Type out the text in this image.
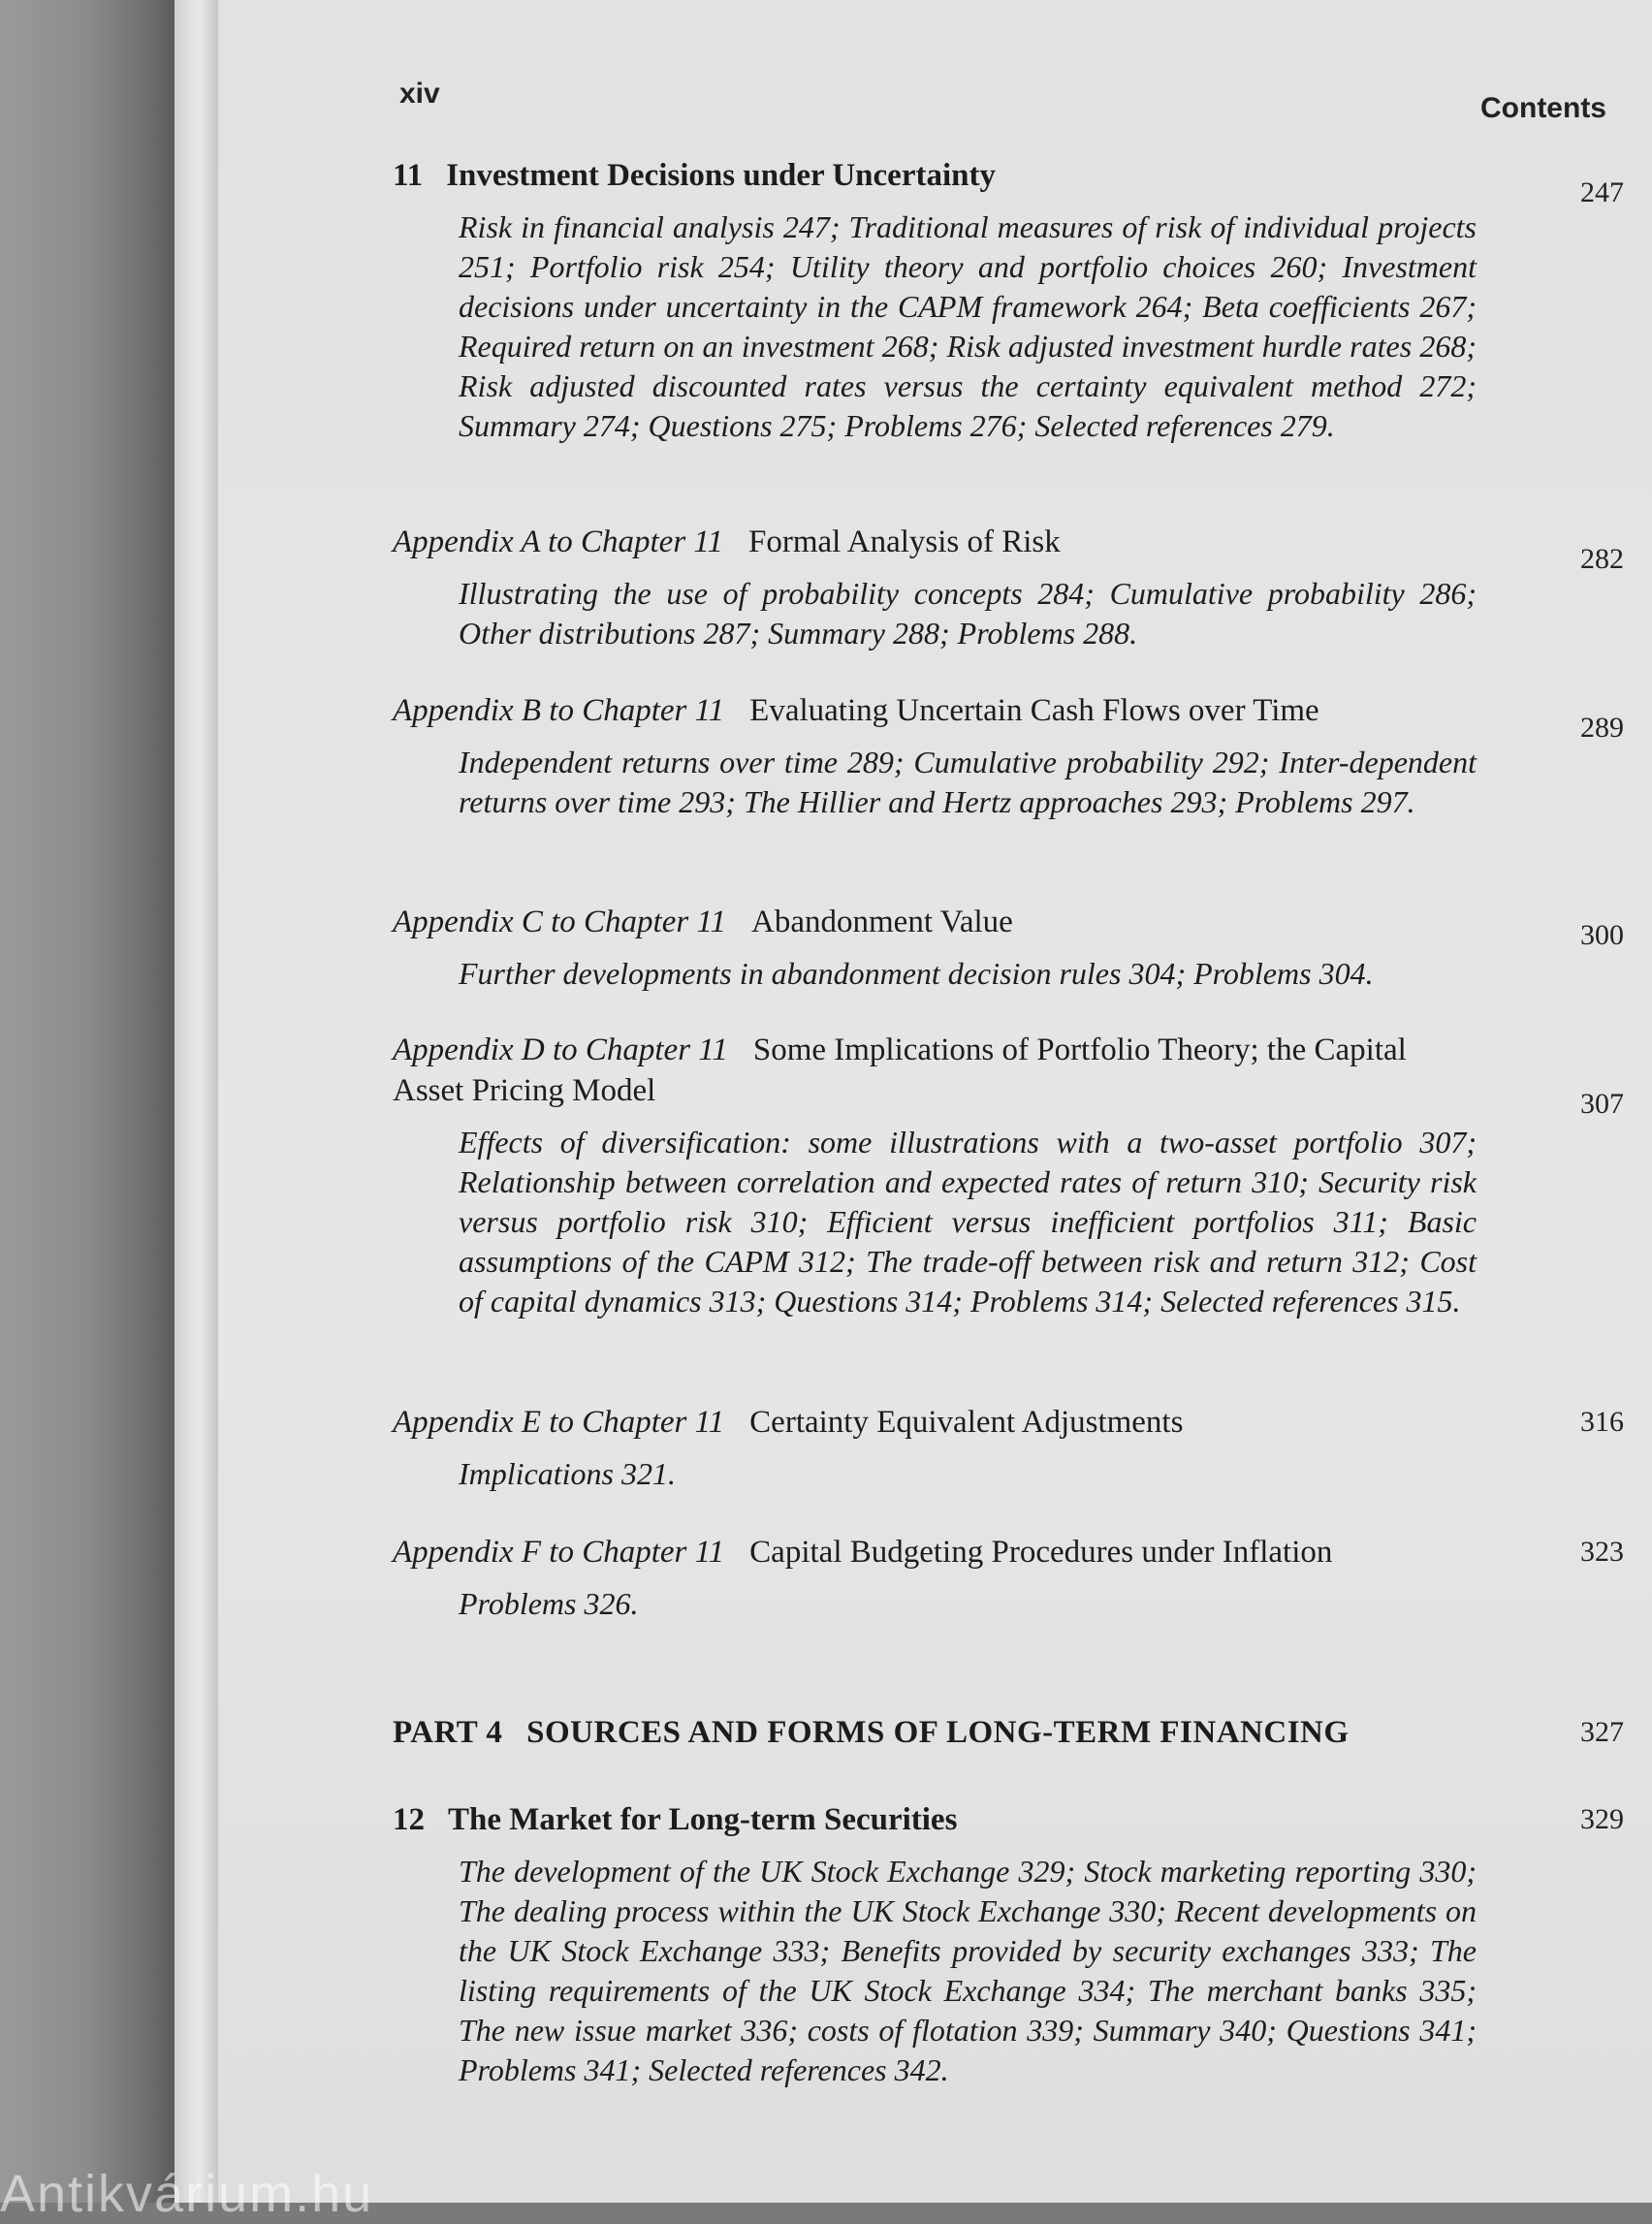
Antikvárium.hu
xiv	Contents
11 Investment Decisions under Uncertainty	247
Risk in financial analysis 247; Traditional measures of risk of individual projects 251; Portfolio risk 254; Utility theory and portfolio choices 260; Investment decisions under uncertainty in the CAPM framework 264; Beta coefficients 267; Required return on an investment 268; Risk adjusted investment hurdle rates 268; Risk adjusted discounted rates versus the certainty equivalent method 272; Summary 274; Questions 275; Problems 276; Selected references 279.
Appendix A to Chapter 11 Formal Analysis of Risk	282
Illustrating the use of probability concepts 284; Cumulative probability 286; Other distributions 287; Summary 288; Problems 288.
Appendix B to Chapter 11 Evaluating Uncertain Cash Flows over Time	289
Independent returns over time 289; Cumulative probability 292; Inter-dependent returns over time 293; The Hillier and Hertz approaches 293; Problems 297.
Appendix C to Chapter 11 Abandonment Value	300
Further developments in abandonment decision rules 304; Problems 304.
Appendix D to Chapter 11 Some Implications of Portfolio Theory; the Capital Asset Pricing Model	307
Effects of diversification: some illustrations with a two-asset portfolio 307; Relationship between correlation and expected rates of return 310; Security risk versus portfolio risk 310; Efficient versus inefficient portfolios 311; Basic assumptions of the CAPM 312; The trade-off between risk and return 312; Cost of capital dynamics 313; Questions 314; Problems 314; Selected references 315.
Appendix E to Chapter 11 Certainty Equivalent Adjustments	316
Implications 321.
Appendix F to Chapter 11 Capital Budgeting Procedures under Inflation	323
Problems 326.
PART 4 SOURCES AND FORMS OF LONG-TERM FINANCING	327
12 The Market for Long-term Securities	329
The development of the UK Stock Exchange 329; Stock marketing reporting 330; The dealing process within the UK Stock Exchange 330; Recent developments on the UK Stock Exchange 333; Benefits provided by security exchanges 333; The listing requirements of the UK Stock Exchange 334; The merchant banks 335; The new issue market 336; costs of flotation 339; Summary 340; Questions 341; Problems 341; Selected references 342.
